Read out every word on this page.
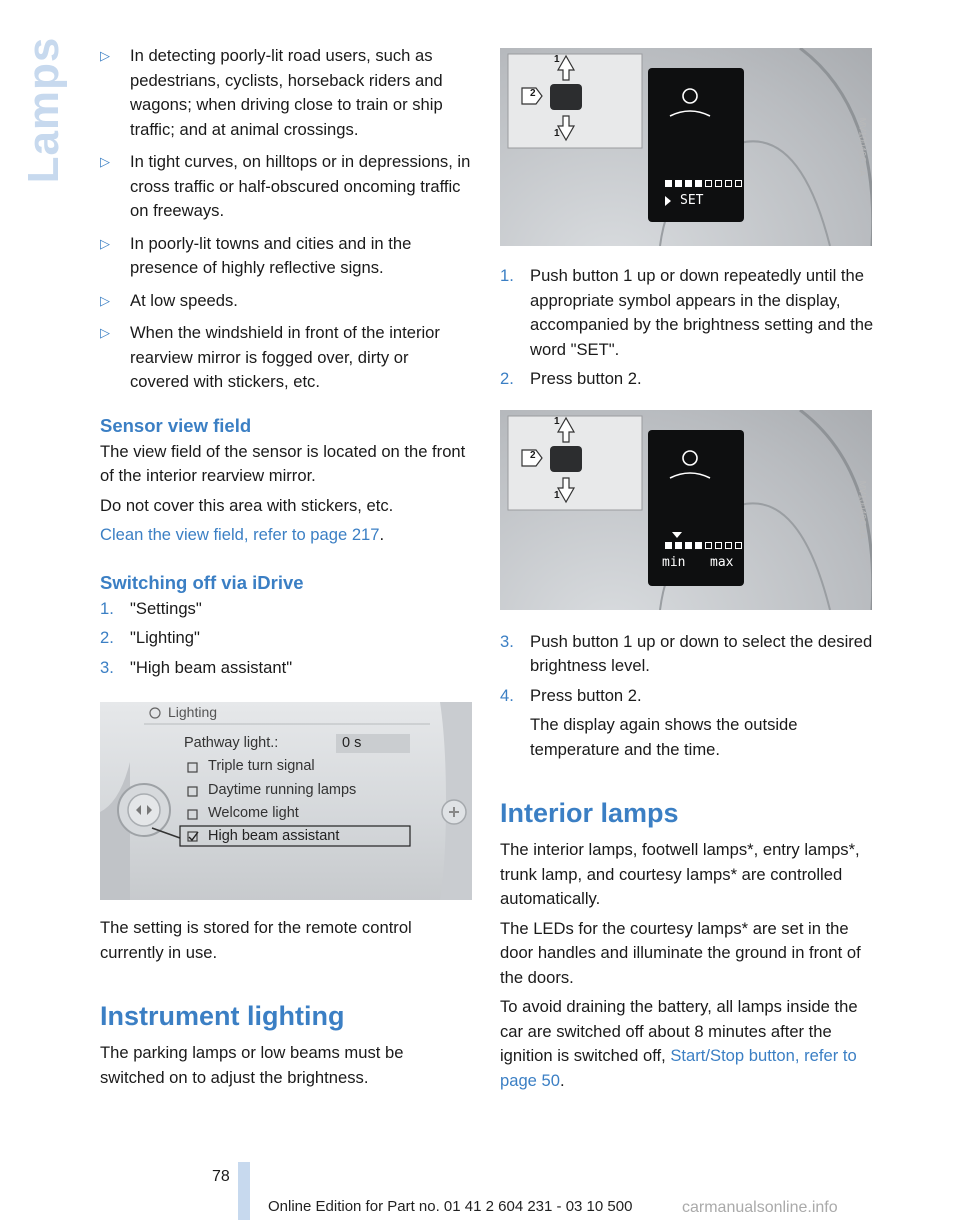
Lamps ▷ In detecting poorly-lit road users, such as pedestrians, cyclists, horseback riders and wagons; when driving close to train or ship traffic; and at animal crossings.
▷ In tight curves, on hilltops or in depressions, in cross traffic or half-obscured oncoming traffic on freeways.
▷ In poorly-lit towns and cities and in the presence of highly reflective signs.
▷ At low speeds.
▷ When the windshield in front of the interior rearview mirror is fogged over, dirty or covered with stickers, etc.
Sensor view field

The view field of the sensor is located on the front of the interior rearview mirror.

Do not cover this area with stickers, etc.

Clean the view field, refer to page 217.

Switching off via iDrive
1. "Settings"
2. "Lighting"
3. "High beam assistant"
Lighting
Pathway light.:	0 s
Triple turn signal
Daytime running lamps
Welcome light
High beam assistant

The setting is stored for the remote control currently in use.

Instrument lighting

The parking lamps or low beams must be switched on to adjust the brightness.

1
2
1
SET
MV10046CMA
1. Push button 1 up or down repeatedly until the appropriate symbol appears in the display, accompanied by the brightness setting and the word "SET".
2. Press button 2.
1
2
1
min max
MV10049CMA
3. Push button 1 up or down to select the desired brightness level.
4. Press button 2.
The display again shows the outside temperature and the time.
Interior lamps

The interior lamps, footwell lamps*, entry lamps*, trunk lamp, and courtesy lamps* are controlled automatically.

The LEDs for the courtesy lamps* are set in the door handles and illuminate the ground in front of the doors.

To avoid draining the battery, all lamps inside the car are switched off about 8 minutes after the ignition is switched off, Start/Stop button, refer to page 50.

78
Online Edition for Part no. 01 41 2 604 231 - 03 10 500	carmanualsonline.info
